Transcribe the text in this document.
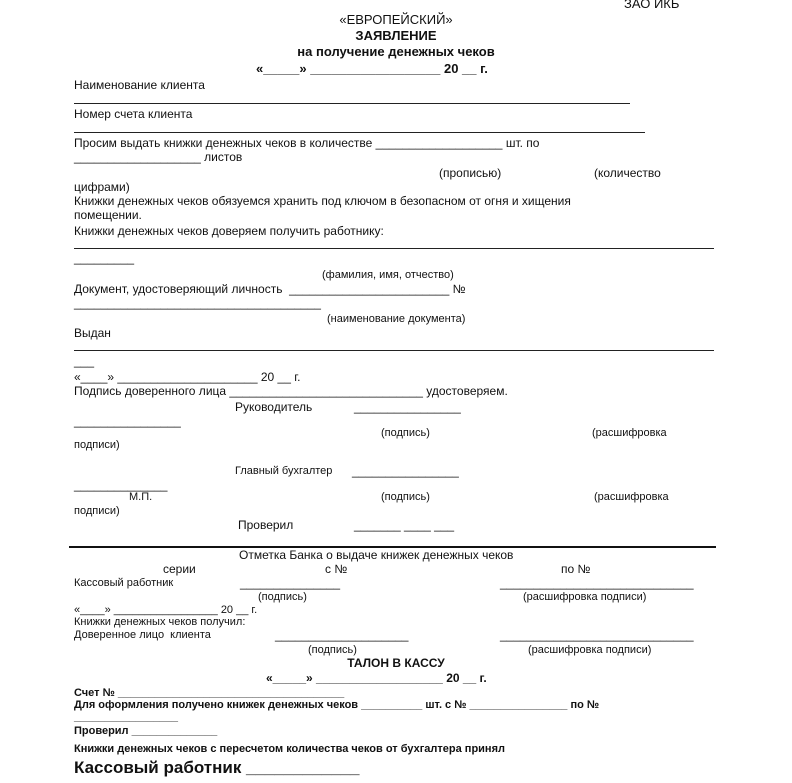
ЗАО ИКБ
«ЕВРОПЕЙСКИЙ»
ЗАЯВЛЕНИЕ
на получение денежных чеков
«_____» __________________ 20 __ г.
Наименование клиента
Номер счета клиента
Просим выдать книжки денежных чеков в количестве ___________________ шт. по
___________________ листов
(прописью)	(количество
цифрами)
Книжки денежных чеков обязуемся хранить под ключом в безопасном от огня и хищения
помещении.
Книжки денежных чеков доверяем получить работнику:
_________
(фамилия, имя, отчество)
Документ, удостоверяющий личность  ________________________ №
_____________________________________
(наименование документа)
Выдан
___
«____» _____________________ 20 __ г.
Подпись доверенного лица _____________________________ удостоверяем.
Руководитель	________________
________________
(подпись)	(расшифровка
подписи)
Главный бухгалтер ________________
______________
М.П.	(подпись)	(расшифровка
подписи)
Проверил	_______ ____ ___
Отметка Банка о выдаче книжек денежных чеков
серии	с №	по №
Кассовый работник	_______________	_____________________________
(подпись)	(расшифровка подписи)
«____» _________________ 20 __ г.
Книжки денежных чеков получил:
Доверенное лицо  клиента	____________________	_____________________________
(подпись)	(расшифровка подписи)
ТАЛОН В КАССУ
«_____» ___________________ 20 __ г.
Счет № _____________________________________
Для оформления получено книжек денежных чеков __________ шт. с № ________________ по №
_________________
Проверил ______________
Книжки денежных чеков с пересчетом количества чеков от бухгалтера принял
Кассовый работник ____________
